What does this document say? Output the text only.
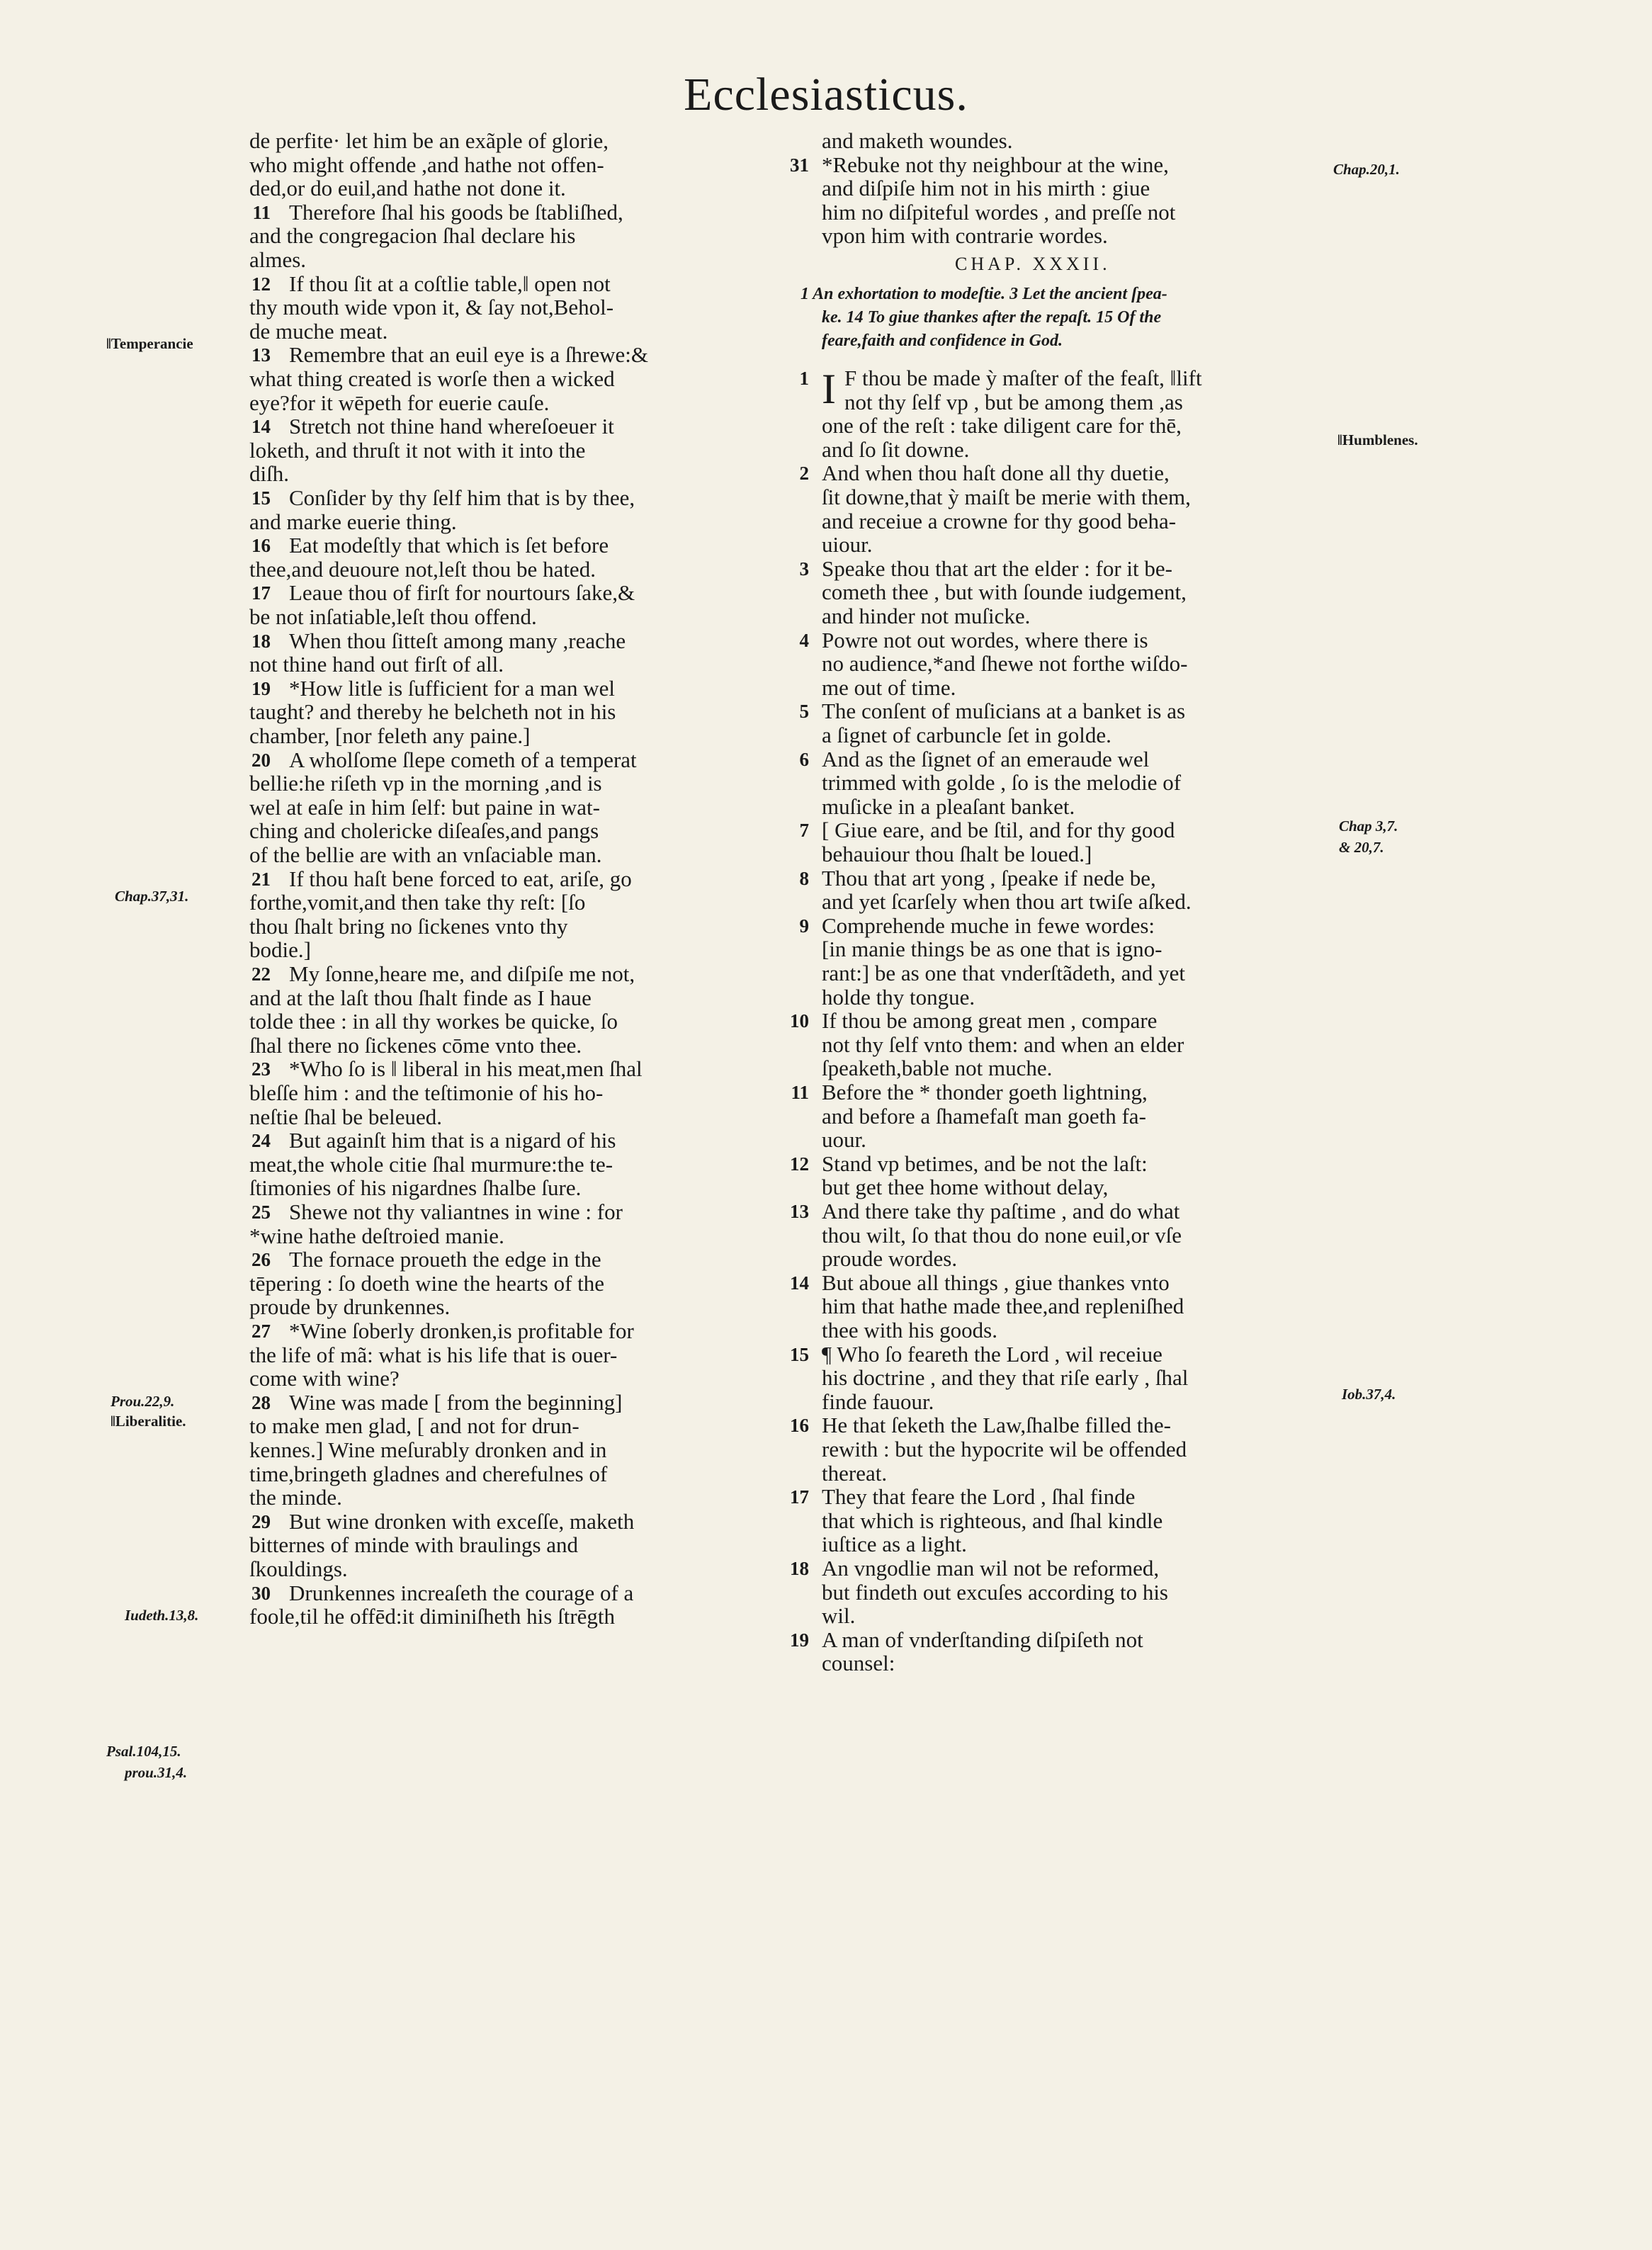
Ecclesiasticus.
de perfite· let him be an exãple of glorie,
who might offende ,and hathe not offen-
ded,or do euil,and hathe not done it.
11 Therefore ſhal his goods be ſtabliſhed,
and the congregacion ſhal declare his
almes.
12 If thou ſit at a coſtlie table,‖ open not
thy mouth wide vpon it, & ſay not,Behol-
de muche meat.
13 Remembre that an euil eye is a ſhrewe:&
what thing created is worſe then a wicked
eye?for it wēpeth for euerie cauſe.
14 Stretch not thine hand whereſoeuer it
loketh, and thruſt it not with it into the
diſh.
15 Conſider by thy ſelf him that is by thee,
and marke euerie thing.
16 Eat modeſtly that which is ſet before
thee,and deuoure not,leſt thou be hated.
17 Leaue thou of firſt for nourtours ſake,&
be not inſatiable,leſt thou offend.
18 When thou ſitteſt among many ,reache
not thine hand out firſt of all.
19 *How litle is ſufficient for a man wel
taught? and thereby he belcheth not in his
chamber, [nor feleth any paine.]
20 A wholſome ſlepe cometh of a temperat
bellie:he riſeth vp in the morning ,and is
wel at eaſe in him ſelf: but paine in wat-
ching and cholericke diſeaſes,and pangs
of the bellie are with an vnſaciable man.
21 If thou haſt bene forced to eat, ariſe, go
forthe,vomit,and then take thy reſt: [ſo
thou ſhalt bring no ſickenes vnto thy
bodie.]
22 My ſonne,heare me, and diſpiſe me not,
and at the laſt thou ſhalt finde as I haue
tolde thee : in all thy workes be quicke, ſo
ſhal there no ſickenes cōme vnto thee.
23 *Who ſo is ‖ liberal in his meat,men ſhal
bleſſe him : and the teſtimonie of his ho-
neſtie ſhal be beleued.
24 But againſt him that is a nigard of his
meat,the whole citie ſhal murmure:the te-
ſtimonies of his nigardnes ſhalbe ſure.
25 Shewe not thy valiantnes in wine : for
*wine hathe deſtroied manie.
26 The fornace proueth the edge in the
tēpering : ſo doeth wine the hearts of the
proude by drunkennes.
27 *Wine ſoberly dronken,is profitable for
the life of mã: what is his life that is ouer-
come with wine?
28 Wine was made [ from the beginning]
to make men glad, [ and not for drun-
kennes.] Wine meſurably dronken and in
time,bringeth gladnes and cherefulnes of
the minde.
29 But wine dronken with exceſſe, maketh
bitternes of minde with braulings and
ſkouldings.
30 Drunkennes increaſeth the courage of a
foole,til he offēd:it diminiſheth his ſtrēgth
and maketh woundes.
31 *Rebuke not thy neighbour at the wine,
and diſpiſe him not in his mirth : giue
him no diſpiteful wordes , and preſſe not
vpon him with contrarie wordes.
CHAP. XXXII.
1 An exhortation to modeſtie. 3 Let the ancient ſpea-
ke. 14 To giue thankes after the repaſt. 15 Of the
feare,faith and confidence in God.
I
1 F thou be made ỳ maſter of the feaſt, ‖lift
not thy ſelf vp , but be among them ,as
one of the reſt : take diligent care for thē,
and ſo ſit downe.
2 And when thou haſt done all thy duetie,
ſit downe,that ỳ maiſt be merie with them,
and receiue a crowne for thy good beha-
uiour.
3 Speake thou that art the elder : for it be-
cometh thee , but with ſounde iudgement,
and hinder not muſicke.
4 Powre not out wordes, where there is
no audience,*and ſhewe not forthe wiſdo-
me out of time.
5 The conſent of muſicians at a banket is as
a ſignet of carbuncle ſet in golde.
6 And as the ſignet of an emeraude wel
trimmed with golde , ſo is the melodie of
muſicke in a pleaſant banket.
7 [ Giue eare, and be ſtil, and for thy good
behauiour thou ſhalt be loued.]
8 Thou that art yong , ſpeake if nede be,
and yet ſcarſely when thou art twiſe aſked.
9 Comprehende muche in fewe wordes:
[in manie things be as one that is igno-
rant:] be as one that vnderſtãdeth, and yet
holde thy tongue.
10 If thou be among great men , compare
not thy ſelf vnto them: and when an elder
ſpeaketh,bable not muche.
11 Before the * thonder goeth lightning,
and before a ſhamefaſt man goeth fa-
uour.
12 Stand vp betimes, and be not the laſt:
but get thee home without delay,
13 And there take thy paſtime , and do what
thou wilt, ſo that thou do none euil,or vſe
proude wordes.
14 But aboue all things , giue thankes vnto
him that hathe made thee,and repleniſhed
thee with his goods.
15 ¶ Who ſo feareth the Lord , wil receiue
his doctrine , and they that riſe early , ſhal
finde fauour.
16 He that ſeketh the Law,ſhalbe filled the-
rewith : but the hypocrite wil be offended
thereat.
17 They that feare the Lord , ſhal finde
that which is righteous, and ſhal kindle
iuſtice as a light.
18 An vngodlie man wil not be reformed,
but findeth out excuſes according to his
wil.
19 A man of vnderſtanding diſpiſeth not
counsel:
‖Temperancie
Chap.37,31.
Prou.22,9.
‖Liberalitie.
Iudeth.13,8.
Psal.104,15.
prou.31,4.
Chap.20,1.
‖Humblenes.
Chap 3,7.
& 20,7.
Iob.37,4.
